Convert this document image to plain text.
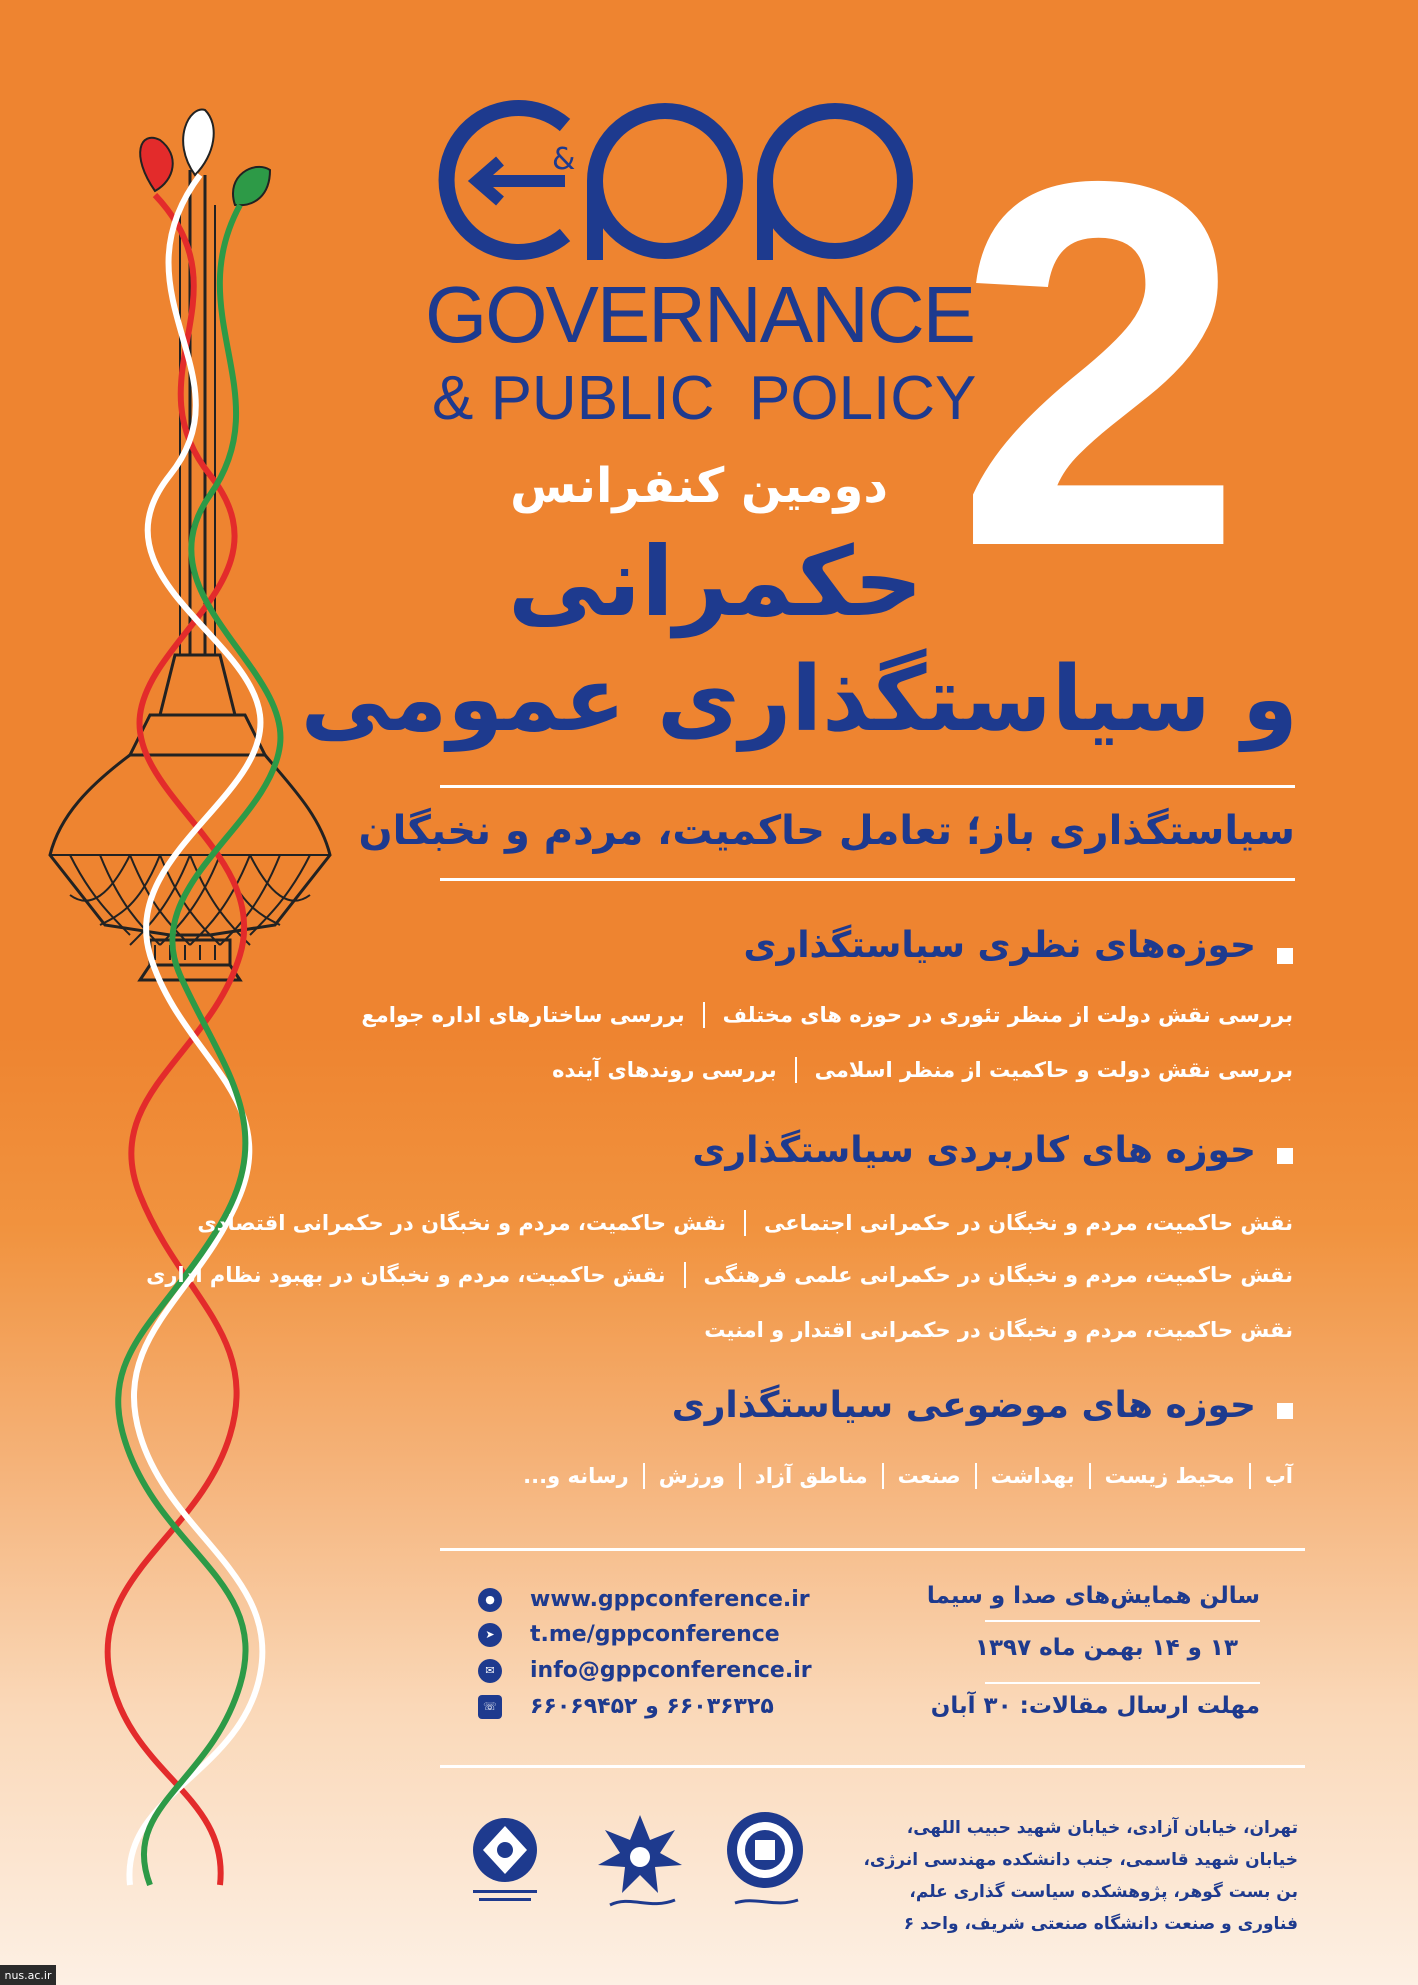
&
GOVERNANCE
& PUBLIC  POLICY
2
دومین کنفرانس
حکمرانی
و سیاستگذاری عمومی
سیاستگذاری باز؛ تعامل حاکمیت، مردم و نخبگان
حوزه‌های نظری سیاستگذاری
بررسی نقش دولت از منظر تئوری در حوزه های مختلف
بررسی ساختارهای اداره جوامع
بررسی نقش دولت و حاکمیت از منظر اسلامی
بررسی روندهای آینده
حوزه های کاربردی سیاستگذاری
نقش حاکمیت، مردم و نخبگان در حکمرانی اجتماعی
نقش حاکمیت، مردم و نخبگان در حکمرانی اقتصادی
نقش حاکمیت، مردم و نخبگان در حکمرانی علمی فرهنگی
نقش حاکمیت، مردم و نخبگان در بهبود نظام اداری
نقش حاکمیت، مردم و نخبگان در حکمرانی اقتدار و امنیت
حوزه های موضوعی سیاستگذاری
آب
محیط زیست
بهداشت
صنعت
مناطق آزاد
ورزش
رسانه و...
سالن همایش‌های صدا و سیما
۱۳ و ۱۴ بهمن ماه ۱۳۹۷
مهلت ارسال مقالات: ۳۰ آبان
●	www.gppconference.ir
➤	t.me/gppconference
✉	info@gppconference.ir
☏ ۶۶۰۳۶۳۲۵ و ۶۶۰۶۹۴۵۲
تهران، خیابان آزادی، خیابان شهید حبیب اللهی، خیابان شهید قاسمی، جنب دانشکده مهندسی انرژی، بن بست گوهر، پژوهشکده سیاست گذاری علم، فناوری و صنعت دانشگاه صنعتی شریف، واحد ۶
nus.ac.ir
